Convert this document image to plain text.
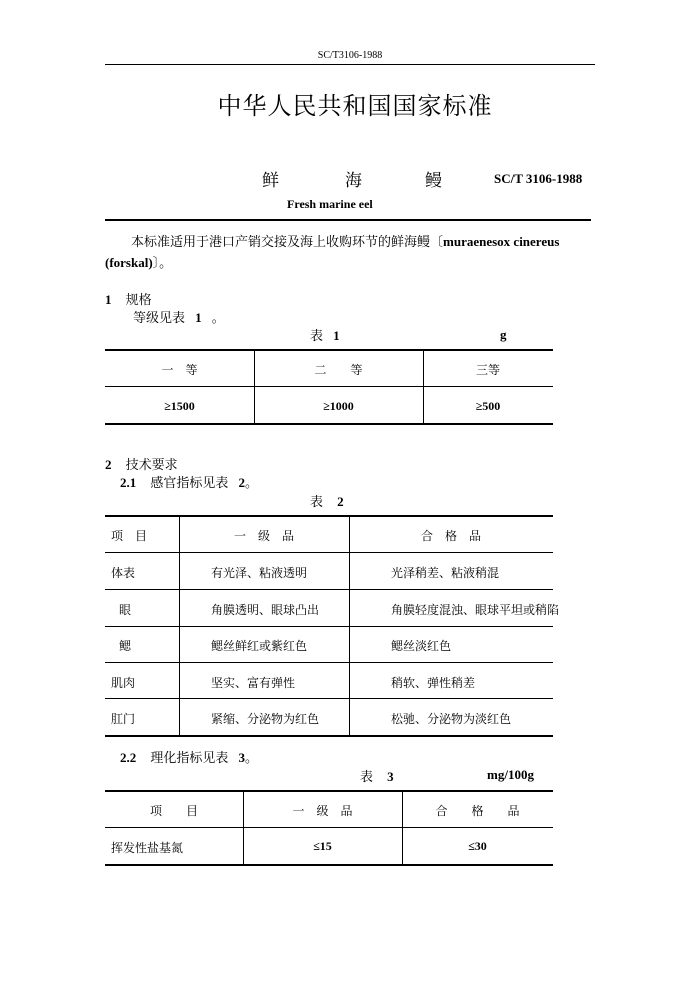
SC/T3106-1988
中华人民共和国国家标准
鲜	海	鳗	SC/T 3106-1988
Fresh marine eel
本标准适用于港口产销交接及海上收购环节的鲜海鳗〔muraenesox cinereus (forskal)〕。
1 规格
等级见表 1 。
表 1	g
一　等	二　　等	三等
≥1500	≥1000	≥500
2 技术要求
2.1 感官指标见表 2。
表 2
项　目	一　级　品	合　格　品
体表	有光泽、粘液透明	光泽稍差、粘液稍混
眼	角膜透明、眼球凸出	角膜轻度混浊、眼球平坦或稍陷
鳃	鳃丝鲜红或紫红色	鳃丝淡红色
肌肉	坚实、富有弹性	稍软、弹性稍差
肛门	紧缩、分泌物为红色	松驰、分泌物为淡红色
2.2 理化指标见表 3。
表 3	mg/100g
项　　目	一　级　品	合　　格　　品
挥发性盐基氮	≤15	≤30
